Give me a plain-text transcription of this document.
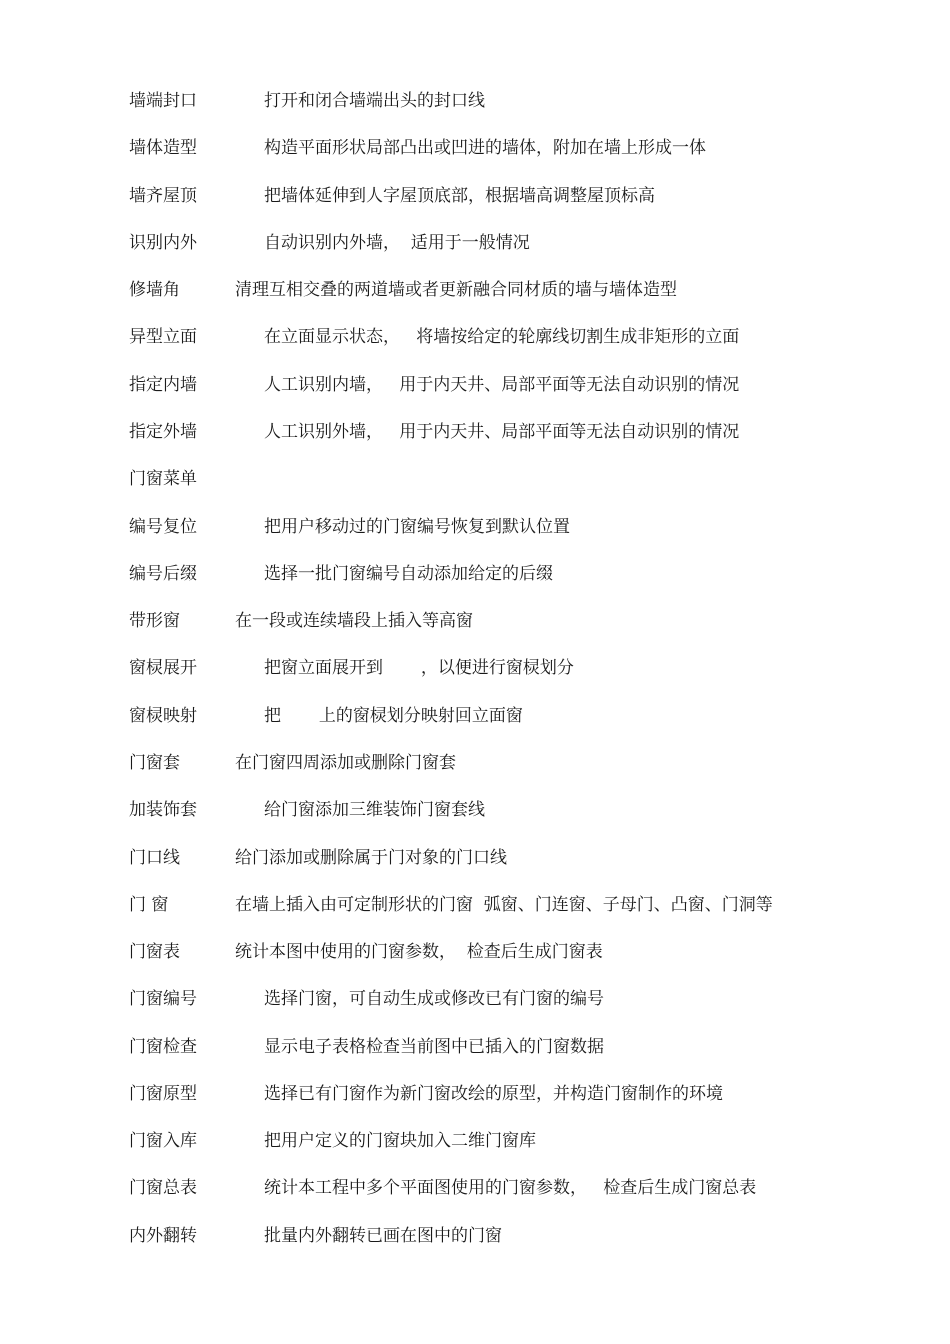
墙端封口	打开和闭合墙端出头的封口线
墙体造型	构造平面形状局部凸出或凹进的墙体，附加在墙上形成一体
墙齐屋顶	把墙体延伸到人字屋顶底部，根据墙高调整屋顶标高
识别内外	自动识别内外墙，  适用于一般情况
修墙角	清理互相交叠的两道墙或者更新融合同材质的墙与墙体造型
异型立面	在立面显示状态，   将墙按给定的轮廓线切割生成非矩形的立面
指定内墙	人工识别内墙，   用于内天井、局部平面等无法自动识别的情况
指定外墙	人工识别外墙，   用于内天井、局部平面等无法自动识别的情况
门窗菜单
编号复位	把用户移动过的门窗编号恢复到默认位置
编号后缀	选择一批门窗编号自动添加给定的后缀
带形窗	在一段或连续墙段上插入等高窗
窗棂展开	把窗立面展开到       ，以便进行窗棂划分
窗棂映射	把       上的窗棂划分映射回立面窗
门窗套	在门窗四周添加或删除门窗套
加装饰套	给门窗添加三维装饰门窗套线
门口线	给门添加或删除属于门对象的门口线
门 窗	在墙上插入由可定制形状的门窗  弧窗、门连窗、子母门、凸窗、门洞等
门窗表	统计本图中使用的门窗参数，  检查后生成门窗表
门窗编号	选择门窗，可自动生成或修改已有门窗的编号
门窗检查	显示电子表格检查当前图中已插入的门窗数据
门窗原型	选择已有门窗作为新门窗改绘的原型，并构造门窗制作的环境
门窗入库	把用户定义的门窗块加入二维门窗库
门窗总表	统计本工程中多个平面图使用的门窗参数，   检查后生成门窗总表
内外翻转	批量内外翻转已画在图中的门窗
